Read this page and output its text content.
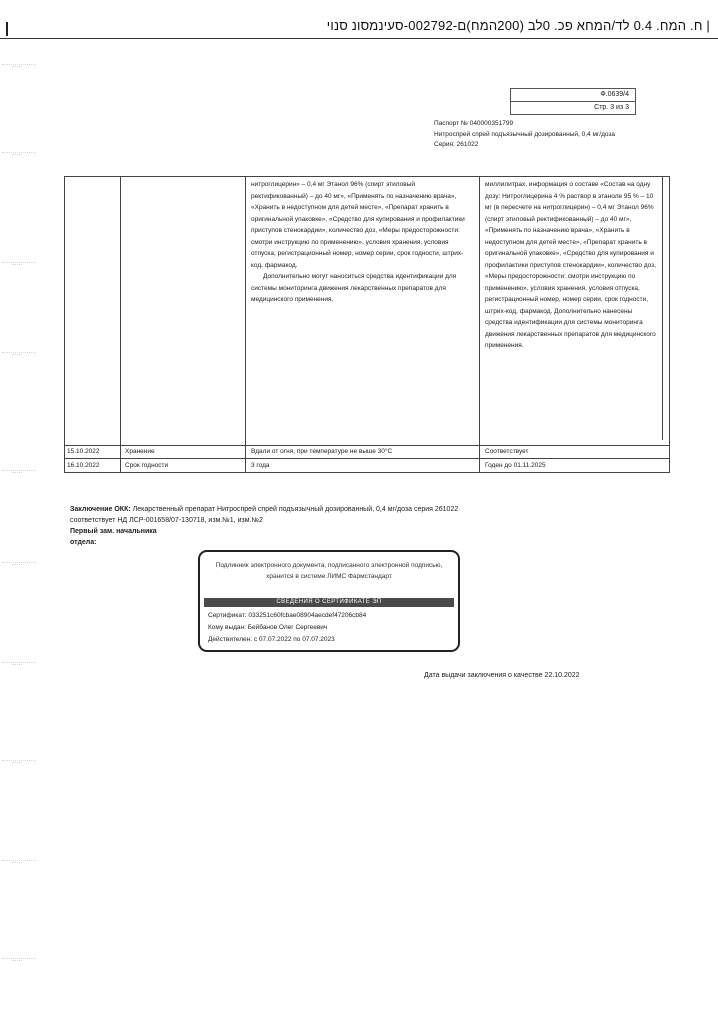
ח. המח. 0.4 לד/המחא פכ. 0לב (200המח)ם-002792-סעינמסונ סנוי |
Ф.0639/4
Стр. 3 из 3
Паспорт № 040000351799
Нитроспрей спрей подъязычный дозированный, 0,4 мг/доза
Серия: 261022
нитроглицерин» – 0,4 мг Этанол 96% (спирт этиловый ректификованный) – до 40 мг», «Применять по назначению врача», «Хранить в недоступном для детей месте», «Препарат хранить в оригинальной упаковке», «Средство для купирования и профилактики приступов стенокардии», количество доз, «Меры предосторожности: смотри инструкцию по применению», условия хранения, условия отпуска, регистрационный номер, номер серии, срок годности, штрих-код, фармакод.
Дополнительно могут наноситься средства идентификации для системы мониторинга движения лекарственных препаратов для медицинского применения.
миллилитрах, информация о составе «Состав на одну дозу: Нитроглицерина 4 % раствор в этаноле 95 % – 10 мг (в пересчете на нитроглицерин) – 0,4 мг Этанол 96% (спирт этиловый ректификованный) – до 40 мг», «Применять по назначению врача», «Хранить в недоступном для детей месте», «Препарат хранить в оригинальной упаковке», «Средство для купирования и профилактики приступов стенокардии», количество доз, «Меры предосторожности: смотри инструкцию по применению», условия хранения, условия отпуска, регистрационный номер, номер серии, срок годности, штрих-код, фармакод. Дополнительно нанесены средства идентификации для системы мониторинга движения лекарственных препаратов для медицинского применения.
15.10.2022	Хранение	Вдали от огня, при температуре не выше 30°C	Соответствует
16.10.2022	Срок годности	3 года	Годен до 01.11.2025
Заключение ОКК: Лекарственный препарат Нитроспрей спрей подъязычный дозированный, 0,4 мг/доза серия 261022
соответствует НД ЛСР-001658/07-130718, изм.№1, изм.№2
Первый зам. начальника
отдела:
Подлинник электронного документа, подписанного электронной подписью, хранится в системе ЛИМС Фармстандарт
СВЕДЕНИЯ О СЕРТИФИКАТЕ ЭП
Сертификат: 033251c60fcbae08904aecdef47206cb84
Кому выдан: Бейбанов Олег Сергеевич
Действителен: с 07.07.2022 по 07.07.2023
Дата выдачи заключения о качестве 22.10.2022
